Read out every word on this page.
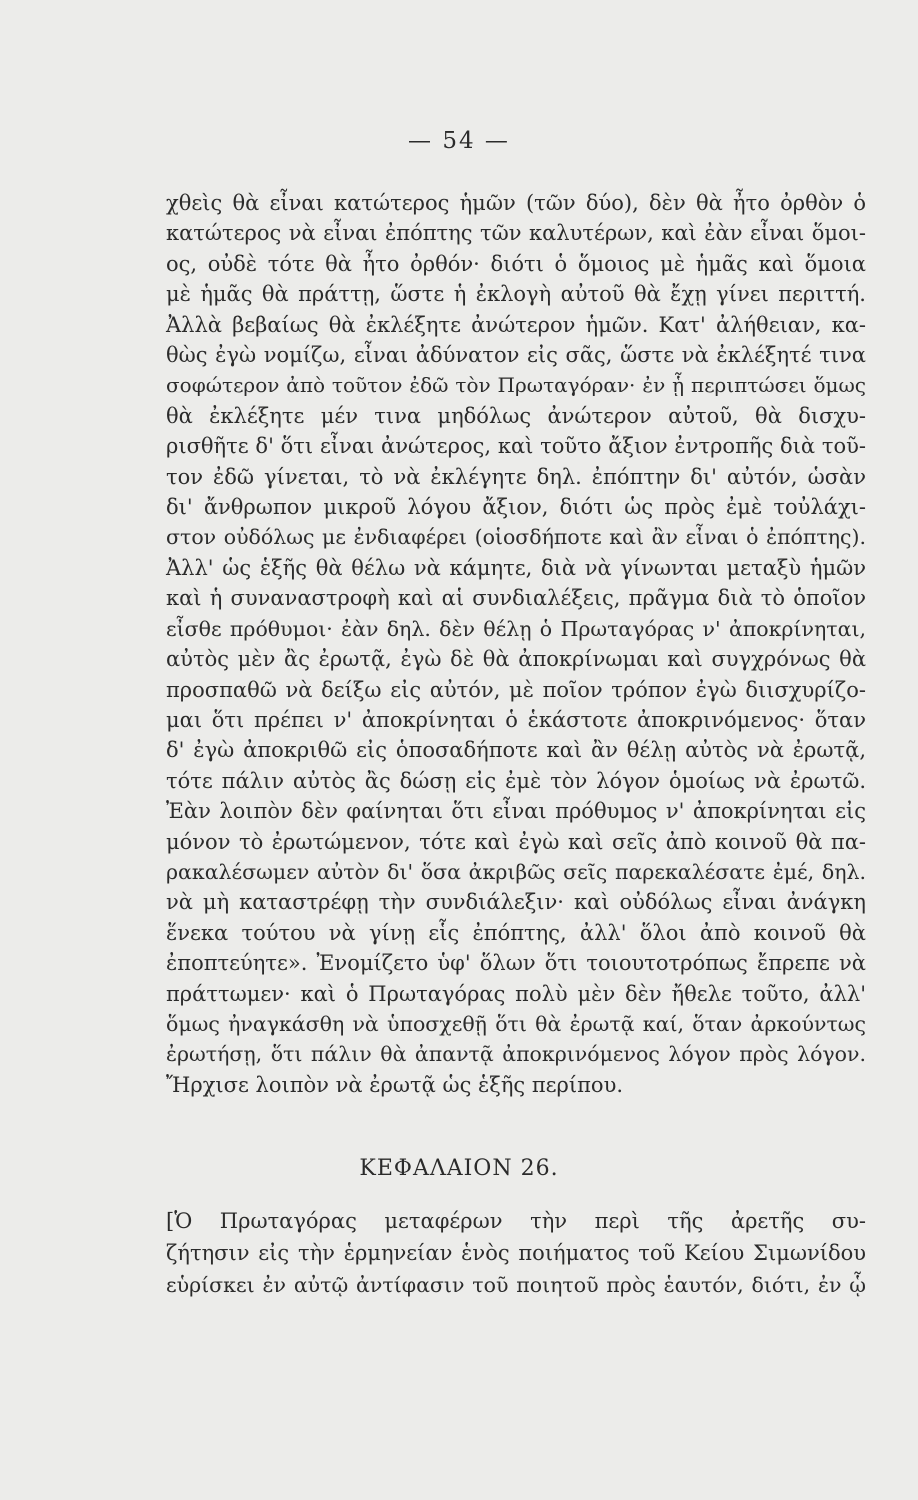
— 54 —
χθεὶς θὰ εἶναι κατώτερος ἡμῶν (τῶν δύο), δὲν θὰ ἦτο ὀρθὸν ὁ
κατώτερος νὰ εἶναι ἐπόπτης τῶν καλυτέρων, καὶ ἐὰν εἶναι ὅμοι-
ος, οὐδὲ τότε θὰ ἦτο ὀρθόν· διότι ὁ ὅμοιος μὲ ἡμᾶς καὶ ὅμοια
μὲ ἡμᾶς θὰ πράττῃ, ὥστε ἡ ἐκλογὴ αὐτοῦ θὰ ἔχῃ γίνει περιττή.
Ἀλλὰ βεβαίως θὰ ἐκλέξητε ἀνώτερον ἡμῶν. Κατ' ἀλήθειαν, κα-
θὼς ἐγὼ νομίζω, εἶναι ἀδύνατον εἰς σᾶς, ὥστε νὰ ἐκλέξητέ τινα
σοφώτερον ἀπὸ τοῦτον ἐδῶ τὸν Πρωταγόραν· ἐν ᾗ περιπτώσει ὅμως
θὰ ἐκλέξητε μέν τινα μηδόλως ἀνώτερον αὐτοῦ, θὰ δισχυ-
ρισθῆτε δ' ὅτι εἶναι ἀνώτερος, καὶ τοῦτο ἄξιον ἐντροπῆς διὰ τοῦ-
τον ἐδῶ γίνεται, τὸ νὰ ἐκλέγητε δηλ. ἐπόπτην δι' αὐτόν, ὡσὰν
δι' ἄνθρωπον μικροῦ λόγου ἄξιον, διότι ὡς πρὸς ἐμὲ τοὐλάχι-
στον οὐδόλως με ἐνδιαφέρει (οἱοσδήποτε καὶ ἂν εἶναι ὁ ἐπόπτης).
Ἀλλ' ὡς ἑξῆς θὰ θέλω νὰ κάμητε, διὰ νὰ γίνωνται μεταξὺ ἡμῶν
καὶ ἡ συναναστροφὴ καὶ αἱ συνδιαλέξεις, πρᾶγμα διὰ τὸ ὁποῖον
εἶσθε πρόθυμοι· ἐὰν δηλ. δὲν θέλῃ ὁ Πρωταγόρας ν' ἀποκρίνηται,
αὐτὸς μὲν ἂς ἐρωτᾷ, ἐγὼ δὲ θὰ ἀποκρίνωμαι καὶ συγχρόνως θὰ
προσπαθῶ νὰ δείξω εἰς αὐτόν, μὲ ποῖον τρόπον ἐγὼ διισχυρίζο-
μαι ὅτι πρέπει ν' ἀποκρίνηται ὁ ἑκάστοτε ἀποκρινόμενος· ὅταν
δ' ἐγὼ ἀποκριθῶ εἰς ὁποσαδήποτε καὶ ἂν θέλῃ αὐτὸς νὰ ἐρωτᾷ,
τότε πάλιν αὐτὸς ἂς δώσῃ εἰς ἐμὲ τὸν λόγον ὁμοίως νὰ ἐρωτῶ.
Ἐὰν λοιπὸν δὲν φαίνηται ὅτι εἶναι πρόθυμος ν' ἀποκρίνηται εἰς
μόνον τὸ ἐρωτώμενον, τότε καὶ ἐγὼ καὶ σεῖς ἀπὸ κοινοῦ θὰ πα-
ρακαλέσωμεν αὐτὸν δι' ὅσα ἀκριβῶς σεῖς παρεκαλέσατε ἐμέ, δηλ.
νὰ μὴ καταστρέφῃ τὴν συνδιάλεξιν· καὶ οὐδόλως εἶναι ἀνάγκη
ἕνεκα τούτου νὰ γίνῃ εἷς ἐπόπτης, ἀλλ' ὅλοι ἀπὸ κοινοῦ θὰ
ἐποπτεύητε». Ἐνομίζετο ὑφ' ὅλων ὅτι τοιουτοτρόπως ἔπρεπε νὰ
πράττωμεν· καὶ ὁ Πρωταγόρας πολὺ μὲν δὲν ἤθελε τοῦτο, ἀλλ'
ὅμως ἠναγκάσθη νὰ ὑποσχεθῇ ὅτι θὰ ἐρωτᾷ καί, ὅταν ἀρκούντως
ἐρωτήσῃ, ὅτι πάλιν θὰ ἀπαντᾷ ἀποκρινόμενος λόγον πρὸς λόγον.
Ἤρχισε λοιπὸν νὰ ἐρωτᾷ ὡς ἑξῆς περίπου.
ΚΕΦΑΛΑΙΟΝ 26.
[Ὁ Πρωταγόρας μεταφέρων τὴν περὶ τῆς ἀρετῆς συ-
ζήτησιν εἰς τὴν ἑρμηνείαν ἑνὸς ποιήματος τοῦ Κείου Σιμωνίδου
εὑρίσκει ἐν αὐτῷ ἀντίφασιν τοῦ ποιητοῦ πρὸς ἑαυτόν, διότι, ἐν ᾧ
